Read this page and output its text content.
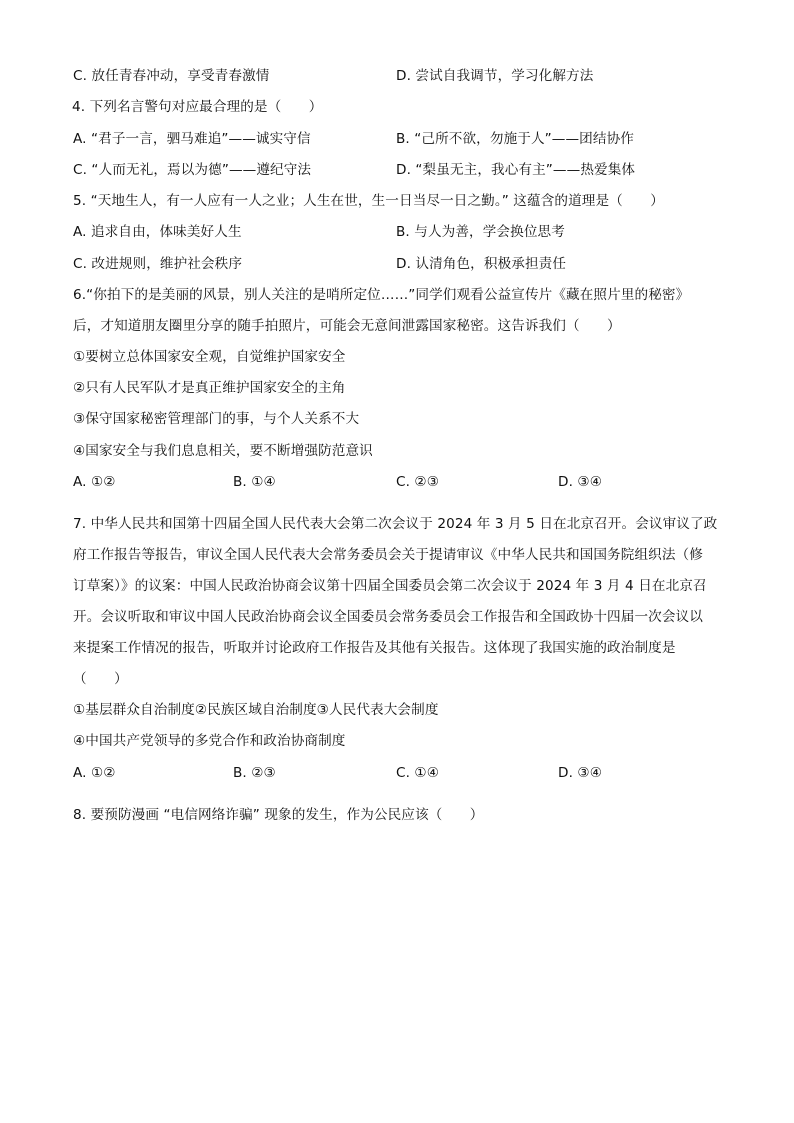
C. 放任青春冲动，享受青春激情	D. 尝试自我调节，学习化解方法
4. 下列名言警句对应最合理的是（　　）
A. “君子一言，驷马难追”——诚实守信	B. “己所不欲，勿施于人”——团结协作
C. “人而无礼，焉以为德”——遵纪守法	D. “梨虽无主，我心有主”——热爱集体
5. “天地生人，有一人应有一人之业；人生在世，生一日当尽一日之勤。” 这蕴含的道理是（　　）
A. 追求自由，体味美好人生	B. 与人为善，学会换位思考
C. 改进规则，维护社会秩序	D. 认清角色，积极承担责任
6.“你拍下的是美丽的风景，别人关注的是哨所定位……”同学们观看公益宣传片《藏在照片里的秘密》
后，才知道朋友圈里分享的随手拍照片，可能会无意间泄露国家秘密。这告诉我们（　　）
①要树立总体国家安全观，自觉维护国家安全
②只有人民军队才是真正维护国家安全的主角
③保守国家秘密管理部门的事，与个人关系不大
④国家安全与我们息息相关，要不断增强防范意识
A. ①②	B. ①④	C. ②③	D. ③④
7. 中华人民共和国第十四届全国人民代表大会第二次会议于 2024 年 3 月 5 日在北京召开。会议审议了政
府工作报告等报告，审议全国人民代表大会常务委员会关于提请审议《中华人民共和国国务院组织法（修
订草案）》的议案：中国人民政治协商会议第十四届全国委员会第二次会议于 2024 年 3 月 4 日在北京召
开。会议听取和审议中国人民政治协商会议全国委员会常务委员会工作报告和全国政协十四届一次会议以
来提案工作情况的报告，听取并讨论政府工作报告及其他有关报告。这体现了我国实施的政治制度是
（　　）
①基层群众自治制度②民族区域自治制度③人民代表大会制度
④中国共产党领导的多党合作和政治协商制度
A. ①②	B. ②③	C. ①④	D. ③④
8. 要预防漫画 “电信网络诈骗” 现象的发生，作为公民应该（　　）
